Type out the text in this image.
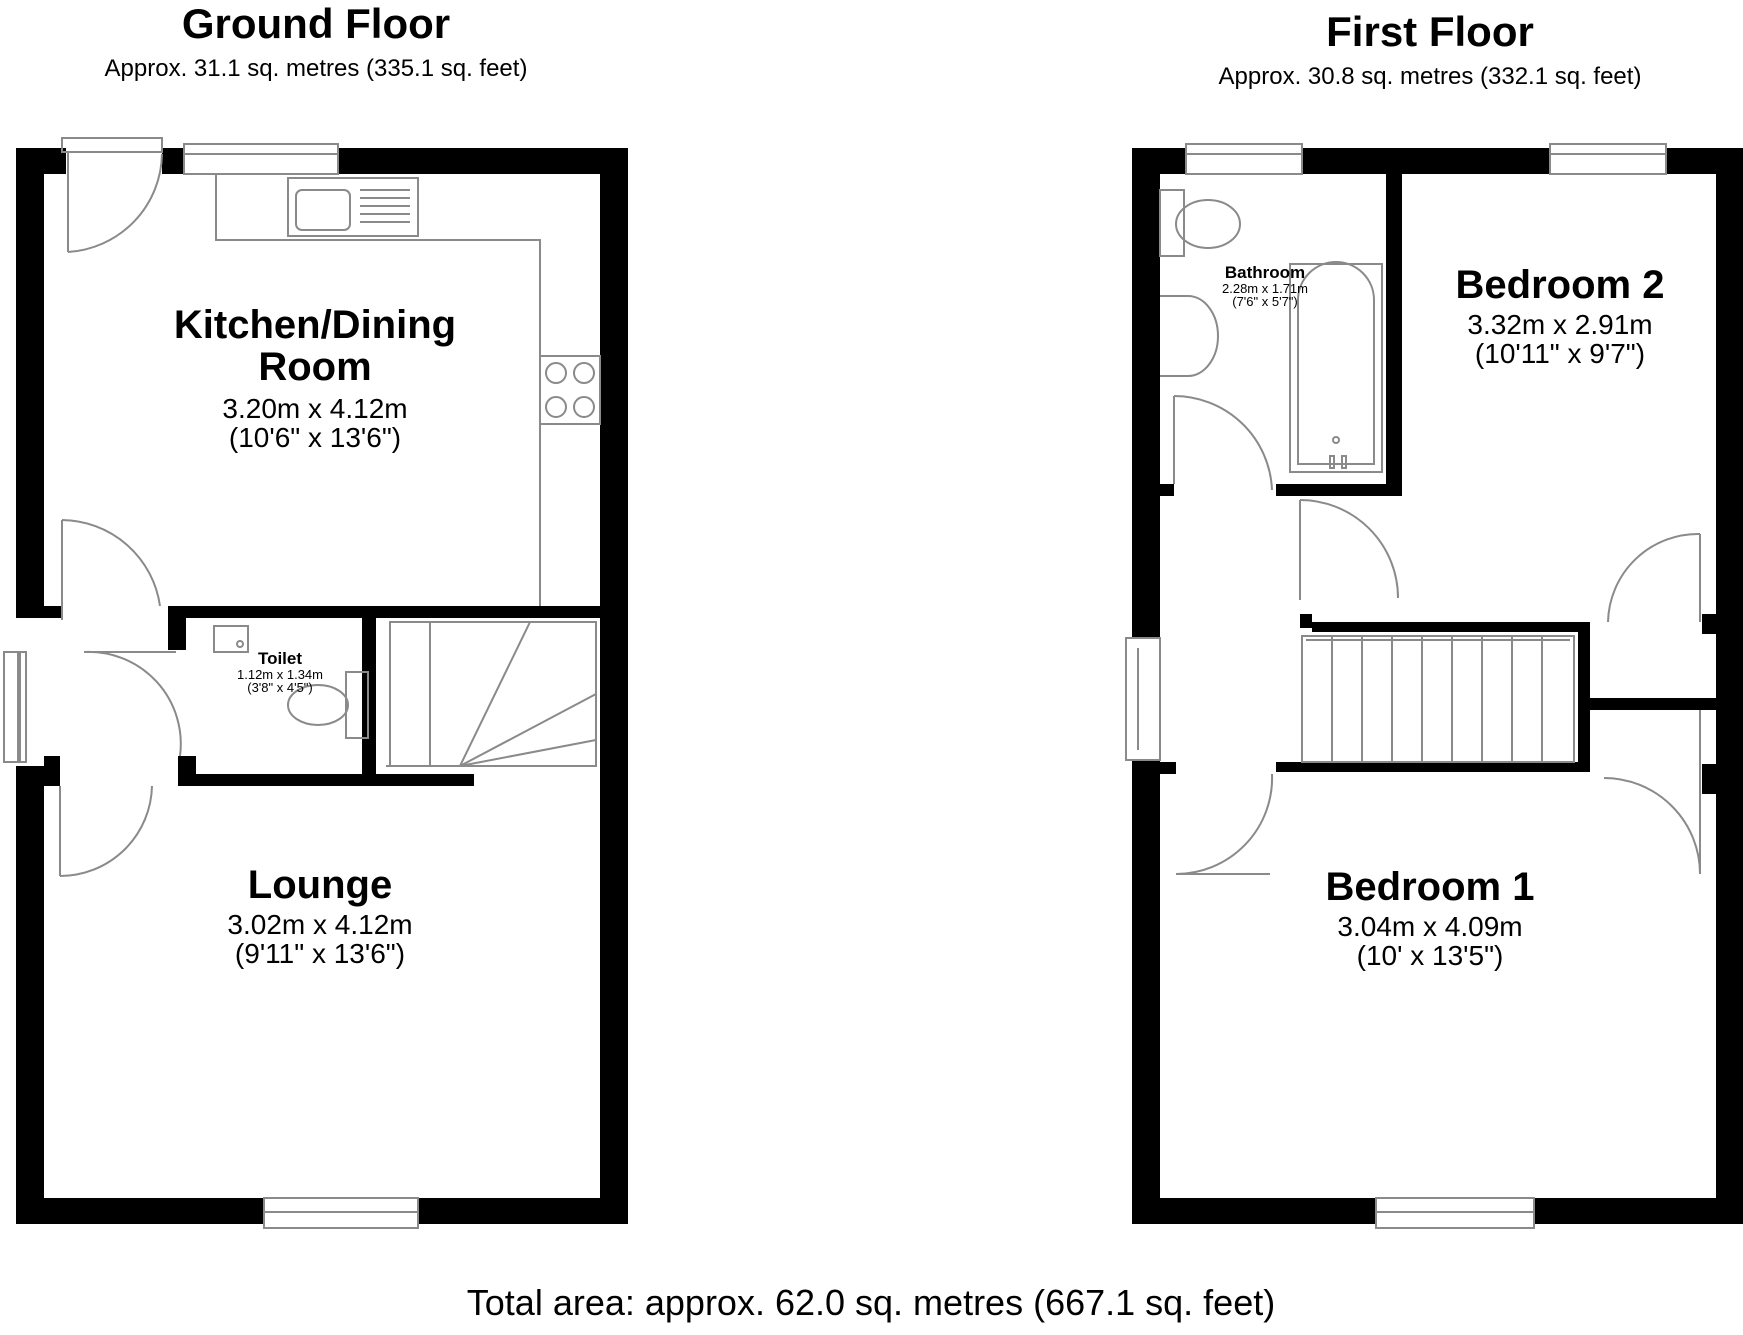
Ground Floor
Approx. 31.1 sq. metres (335.1 sq. feet)
First Floor
Approx. 30.8 sq. metres (332.1 sq. feet)
Kitchen/Dining
Room
3.20m x 4.12m
(10'6" x 13'6")
Toilet
1.12m x 1.34m
(3'8" x 4'5")
Lounge
3.02m x 4.12m
(9'11" x 13'6")
Bathroom
2.28m x 1.71m
(7'6" x 5'7")	Bedroom 2
3.32m x 2.91m
(10'11" x 9'7")
Bedroom 1
3.04m x 4.09m
(10' x 13'5")
Total area: approx. 62.0 sq. metres (667.1 sq. feet)
